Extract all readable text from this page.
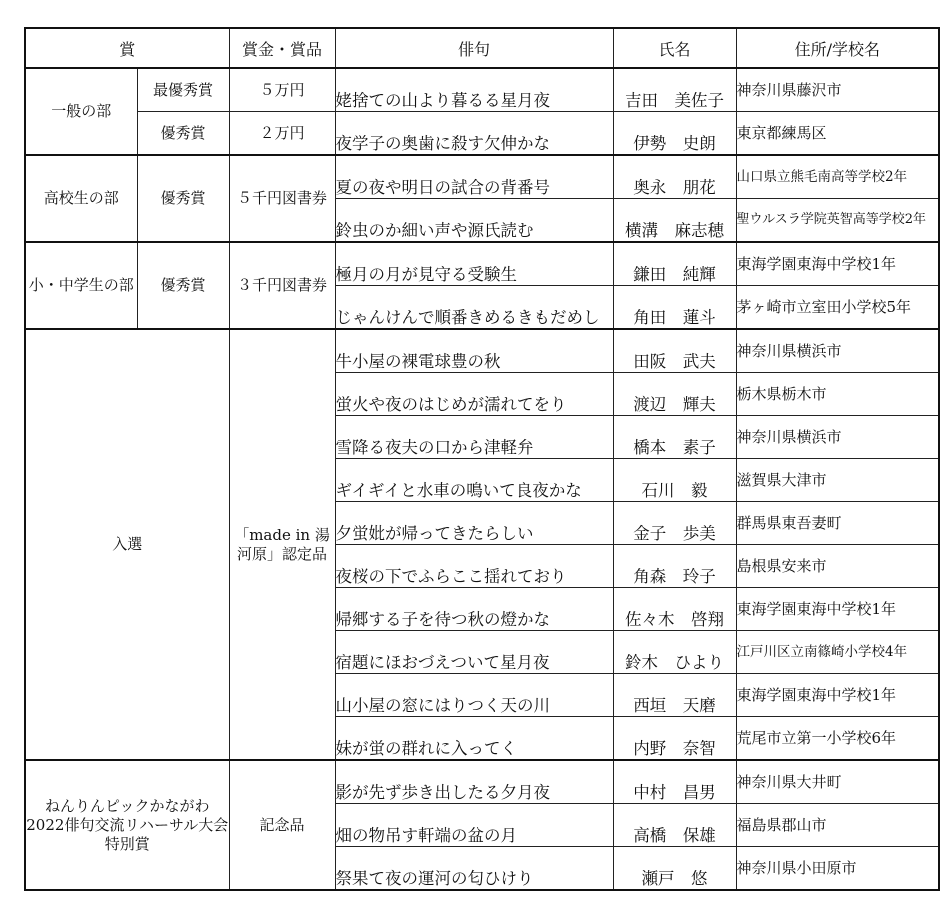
賞		賞金・賞品	俳句	氏名	住所/学校名
一般の部	最優秀賞	５万円	姥捨ての山より暮るる星月夜	吉田　美佐子	神奈川県藤沢市
	優秀賞	２万円	夜学子の奥歯に殺す欠伸かな	伊勢　史朗	東京都練馬区
高校生の部	優秀賞	５千円図書券	夏の夜や明日の試合の背番号	奥永　朋花	山口県立熊毛南高等学校2年
			鈴虫のか細い声や源氏読む	横溝　麻志穂	聖ウルスラ学院英智高等学校2年
小・中学生の部	優秀賞	３千円図書券	極月の月が見守る受験生	鎌田　純輝	東海学園東海中学校1年
			じゃんけんで順番きめるきもだめし	角田　蓮斗	茅ヶ崎市立室田小学校5年
入選		「made in 湯河原」認定品	牛小屋の裸電球豊の秋	田阪　武夫	神奈川県横浜市
			蛍火や夜のはじめが濡れてをり	渡辺　輝夫	栃木県栃木市
			雪降る夜夫の口から津軽弁	橋本　素子	神奈川県横浜市
			ギイギイと水車の鳴いて良夜かな	石川　毅	滋賀県大津市
			夕蛍妣が帰ってきたらしい	金子　歩美	群馬県東吾妻町
			夜桜の下でふらここ揺れており	角森　玲子	島根県安来市
			帰郷する子を待つ秋の燈かな	佐々木　啓翔	東海学園東海中学校1年
			宿題にほおづえついて星月夜	鈴木　ひより	江戸川区立南篠崎小学校4年
			山小屋の窓にはりつく天の川	西垣　天磨	東海学園東海中学校1年
			妹が蛍の群れに入ってく	内野　奈智	荒尾市立第一小学校6年
ねんりんピックかながわ2022俳句交流リハーサル大会特別賞		記念品	影が先ず歩き出したる夕月夜	中村　昌男	神奈川県大井町
			畑の物吊す軒端の盆の月	高橋　保雄	福島県郡山市
			祭果て夜の運河の匂ひけり	瀬戸　悠	神奈川県小田原市
